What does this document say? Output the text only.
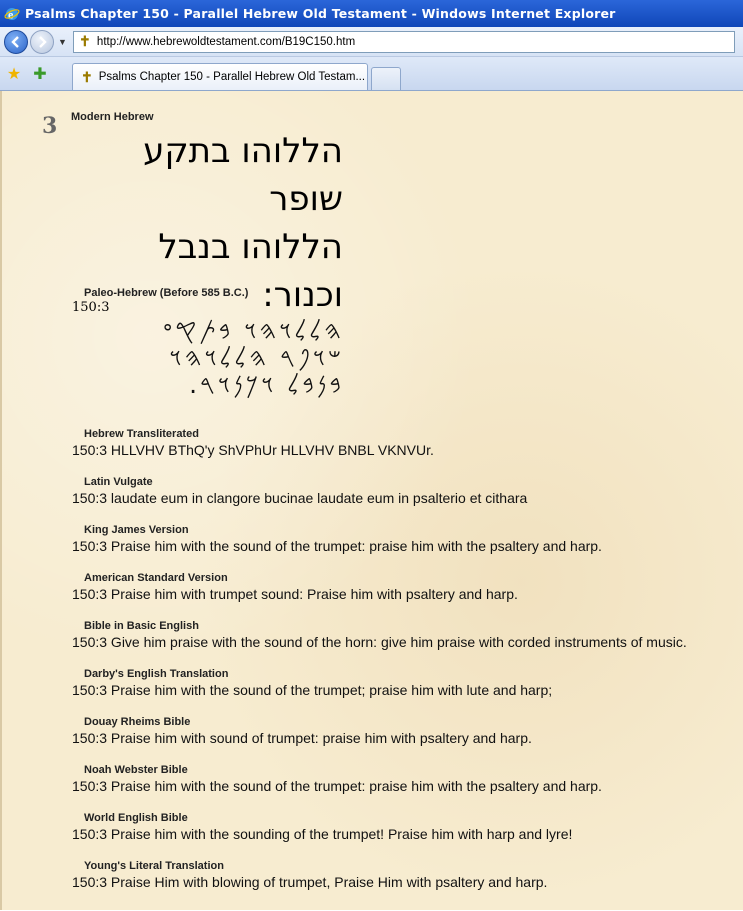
e Psalms Chapter 150 - Parallel Hebrew Old Testament - Windows Internet Explorer
▼ ✝ http://www.hebrewoldtestament.com/B19C150.htm
★ ✚ ✝ Psalms Chapter 150 - Parallel Hebrew Old Testam...
3 Modern Hebrew
הללוהו בתקע שופר
הללוהו בנבל
וכנור:
Paleo-Hebrew (Before 585 B.C.)
150:3
𐤄𐤋𐤋𐤅𐤄𐤅 𐤁𐤕𐤒𐤏
𐤔𐤅𐤐𐤓 𐤄𐤋𐤋𐤅𐤄𐤅
𐤁𐤍𐤁𐤋 𐤅𐤊𐤍𐤅𐤓.
Hebrew Transliterated
150:3 HLLVHV BThQ'y ShVPhUr HLLVHV BNBL VKNVUr.
Latin Vulgate
150:3 laudate eum in clangore bucinae laudate eum in psalterio et cithara
King James Version
150:3 Praise him with the sound of the trumpet: praise him with the psaltery and harp.
American Standard Version
150:3 Praise him with trumpet sound: Praise him with psaltery and harp.
Bible in Basic English
150:3 Give him praise with the sound of the horn: give him praise with corded instruments of music.
Darby's English Translation
150:3 Praise him with the sound of the trumpet; praise him with lute and harp;
Douay Rheims Bible
150:3 Praise him with sound of trumpet: praise him with psaltery and harp.
Noah Webster Bible
150:3 Praise him with the sound of the trumpet: praise him with the psaltery and harp.
World English Bible
150:3 Praise him with the sounding of the trumpet! Praise him with harp and lyre!
Young's Literal Translation
150:3 Praise Him with blowing of trumpet, Praise Him with psaltery and harp.
